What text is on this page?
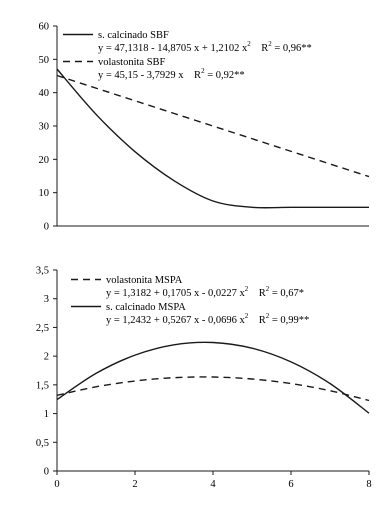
0
10
20
30
40
50
60
s. calcinado SBF
y = 47,1318 - 14,8705 x + 1,2102 $x^2$ $R^2 = 0,96**$
volastonita SBF
y = 45,15 - 3,7929 x $R^2 = 0,92**$
0
0,5
1
1,5
2
2,5
3
3,5
0	2	4	6	8
volastonita MSPA
y = 1,3182 + 0,1705 x - 0,0227 $x^2$ $R^2 = 0,67*$
s. calcinado MSPA
y = 1,2432 + 0,5267 x - 0,0696 $x^2$ $R^2 = 0,99**$
